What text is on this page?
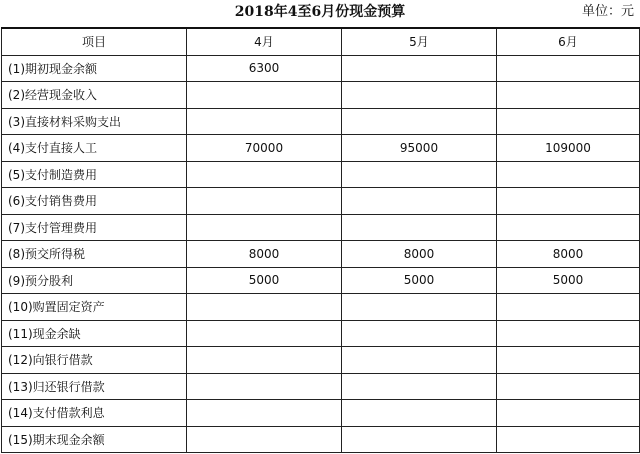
2018年4至6月份现金预算	单位：元
项目	4月	5月	6月
(1)期初现金余额	6300		
(2)经营现金收入			
(3)直接材料采购支出			
(4)支付直接人工	70000	95000	109000
(5)支付制造费用			
(6)支付销售费用			
(7)支付管理费用			
(8)预交所得税	8000	8000	8000
(9)预分股利	5000	5000	5000
(10)购置固定资产			
(11)现金余缺			
(12)向银行借款			
(13)归还银行借款			
(14)支付借款利息			
(15)期末现金余额			
